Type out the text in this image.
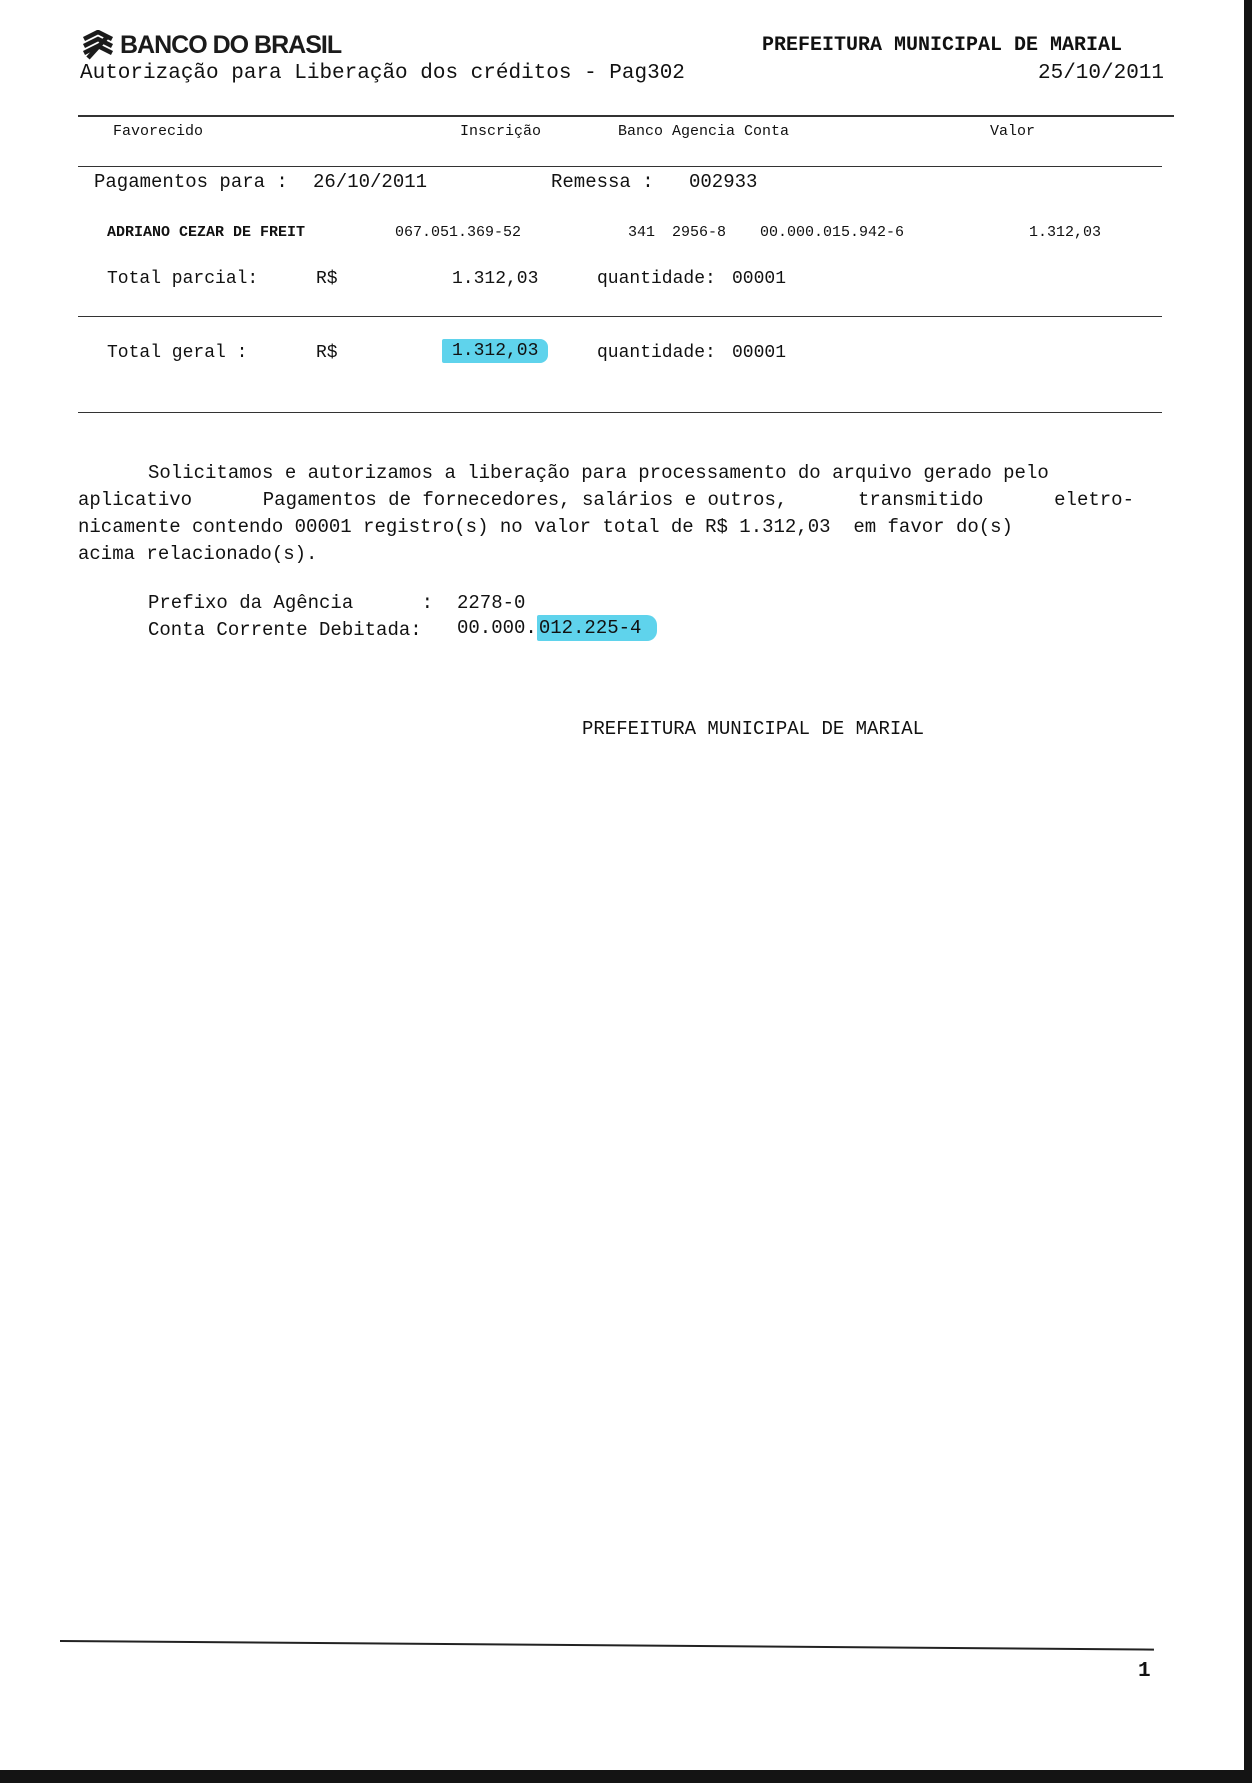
BANCO DO BRASIL
Autorização para Liberação dos créditos - Pag302
PREFEITURA MUNICIPAL DE MARIAL
25/10/2011
Favorecido	Inscrição	Banco Agencia Conta	Valor
Pagamentos para : 26/10/2011	Remessa : 002933
ADRIANO CEZAR DE FREIT	067.051.369-52	341 2956-8 00.000.015.942-6	1.312,03
Total parcial:	R$	1.312,03	quantidade: 00001
Total geral :	R$	1.312,03	quantidade: 00001
Solicitamos e autorizamos a liberação para processamento do arquivo gerado pelo
aplicativo	Pagamentos de fornecedores, salários e outros,	transmitido	eletro-
nicamente contendo 00001 registro(s) no valor total de R$ 1.312,03  em favor do(s)
acima relacionado(s).
Prefixo da Agência      : 2278-0
Conta Corrente Debitada: 00.000. 012.225-4
PREFEITURA MUNICIPAL DE MARIAL
1
